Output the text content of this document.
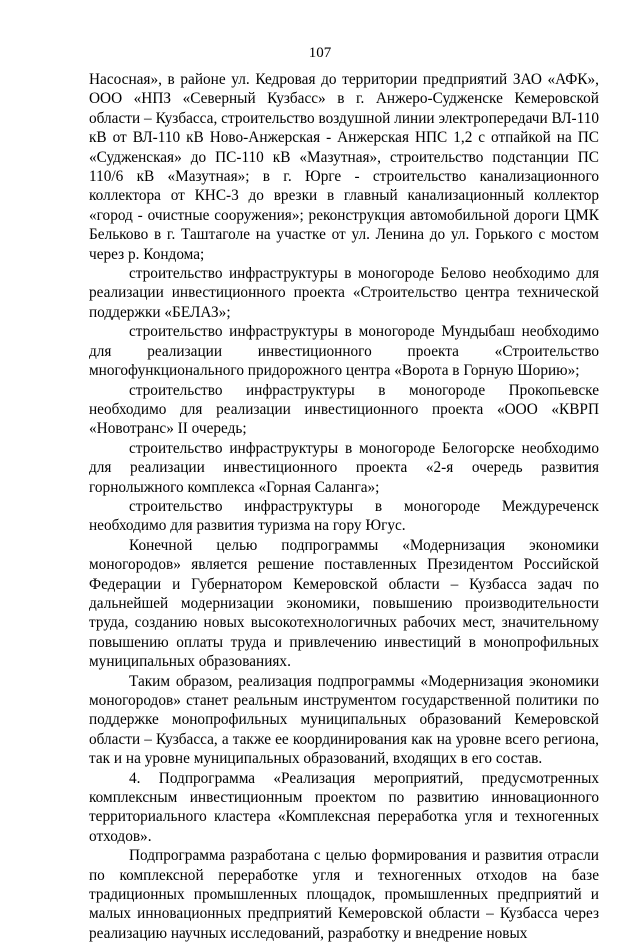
107

Насосная», в районе ул. Кедровая до территории предприятий ЗАО «АФК», ООО «НПЗ «Северный Кузбасс» в г. Анжеро-Судженске Кемеровской области – Кузбасса, строительство воздушной линии электропередачи ВЛ-110 кВ от ВЛ-110 кВ Ново-Анжерская - Анжерская НПС 1,2 с отпайкой на ПС «Судженская» до ПС-110 кВ «Мазутная», строительство подстанции ПС 110/6 кВ «Мазутная»; в г. Юрге - строительство канализационного коллектора от КНС-3 до врезки в главный канализационный коллектор «город - очистные сооружения»; реконструкция автомобильной дороги ЦМК Бельково в г. Таштаголе на участке от ул. Ленина до ул. Горького с мостом через р. Кондома;

строительство инфраструктуры в моногороде Белово необходимо для реализации инвестиционного проекта «Строительство центра технической поддержки «БЕЛАЗ»;

строительство инфраструктуры в моногороде Мундыбаш необходимо для реализации инвестиционного проекта «Строительство многофункционального придорожного центра «Ворота в Горную Шорию»;

строительство инфраструктуры в моногороде Прокопьевске необходимо для реализации инвестиционного проекта «ООО «КВРП «Новотранс» II очередь;

строительство инфраструктуры в моногороде Белогорске необходимо для реализации инвестиционного проекта «2-я очередь развития горнолыжного комплекса «Горная Саланга»;

строительство инфраструктуры в моногороде Междуреченск необходимо для развития туризма на гору Югус.

Конечной целью подпрограммы «Модернизация экономики моногородов» является решение поставленных Президентом Российской Федерации и Губернатором Кемеровской области – Кузбасса задач по дальнейшей модернизации экономики, повышению производительности труда, созданию новых высокотехнологичных рабочих мест, значительному повышению оплаты труда и привлечению инвестиций в монопрофильных муниципальных образованиях.

Таким образом, реализация подпрограммы «Модернизация экономики моногородов» станет реальным инструментом государственной политики по поддержке монопрофильных муниципальных образований Кемеровской области – Кузбасса, а также ее координирования как на уровне всего региона, так и на уровне муниципальных образований, входящих в его состав.

4. Подпрограмма «Реализация мероприятий, предусмотренных комплексным инвестиционным проектом по развитию инновационного территориального кластера «Комплексная переработка угля и техногенных отходов».

Подпрограмма разработана с целью формирования и развития отрасли по комплексной переработке угля и техногенных отходов на базе традиционных промышленных площадок, промышленных предприятий и малых инновационных предприятий Кемеровской области – Кузбасса через реализацию научных исследований, разработку и внедрение новых
